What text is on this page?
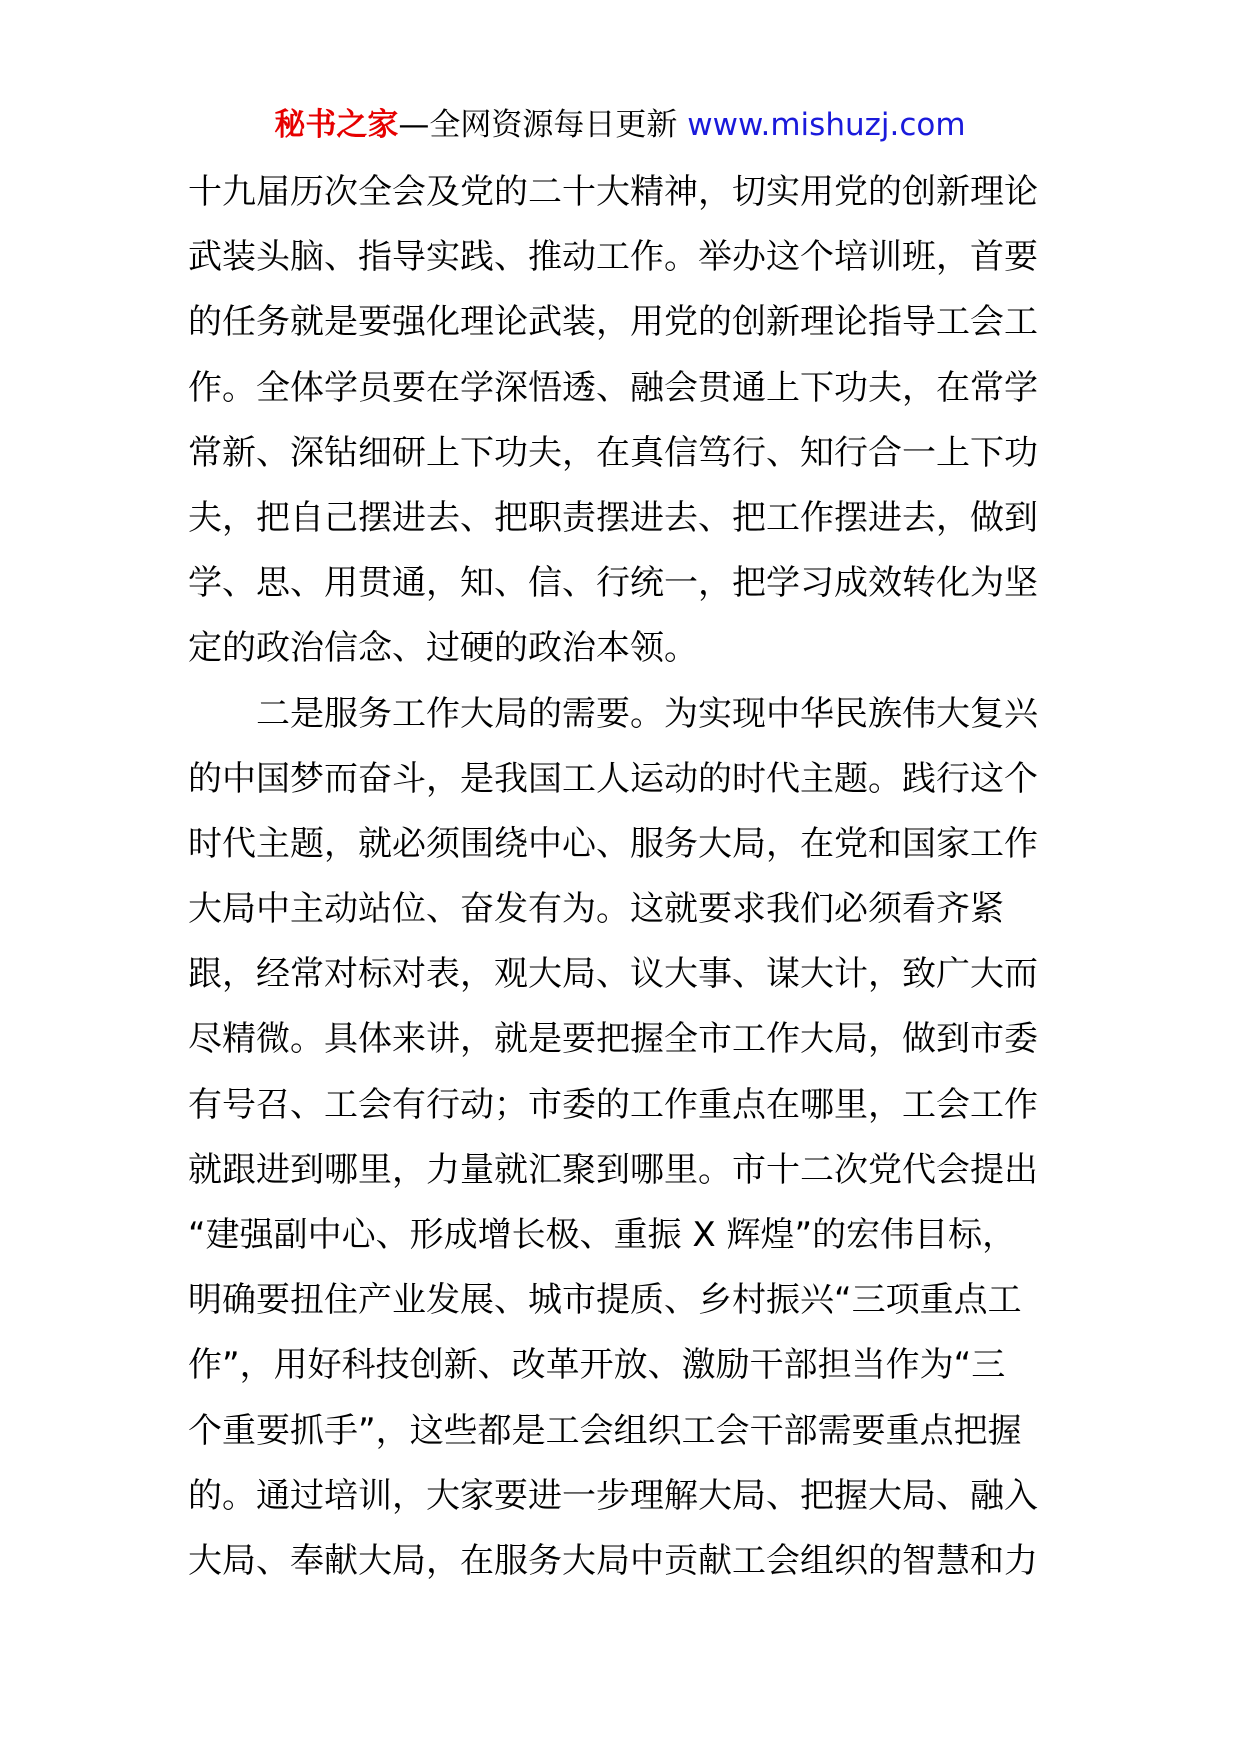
秘书之家—全网资源每日更新 www.mishuzj.com
十九届历次全会及党的二十大精神，切实用党的创新理论
武装头脑、指导实践、推动工作。举办这个培训班，首要
的任务就是要强化理论武装，用党的创新理论指导工会工
作。全体学员要在学深悟透、融会贯通上下功夫，在常学
常新、深钻细研上下功夫，在真信笃行、知行合一上下功
夫，把自己摆进去、把职责摆进去、把工作摆进去，做到
学、思、用贯通，知、信、行统一，把学习成效转化为坚
定的政治信念、过硬的政治本领。
二是服务工作大局的需要。为实现中华民族伟大复兴
的中国梦而奋斗，是我国工人运动的时代主题。践行这个
时代主题，就必须围绕中心、服务大局，在党和国家工作
大局中主动站位、奋发有为。这就要求我们必须看齐紧
跟，经常对标对表，观大局、议大事、谋大计，致广大而
尽精微。具体来讲，就是要把握全市工作大局，做到市委
有号召、工会有行动；市委的工作重点在哪里，工会工作
就跟进到哪里，力量就汇聚到哪里。市十二次党代会提出
“建强副中心、形成增长极、重振 X 辉煌”的宏伟目标，
明确要扭住产业发展、城市提质、乡村振兴“三项重点工
作”，用好科技创新、改革开放、激励干部担当作为“三
个重要抓手”，这些都是工会组织工会干部需要重点把握
的。通过培训，大家要进一步理解大局、把握大局、融入
大局、奉献大局，在服务大局中贡献工会组织的智慧和力
